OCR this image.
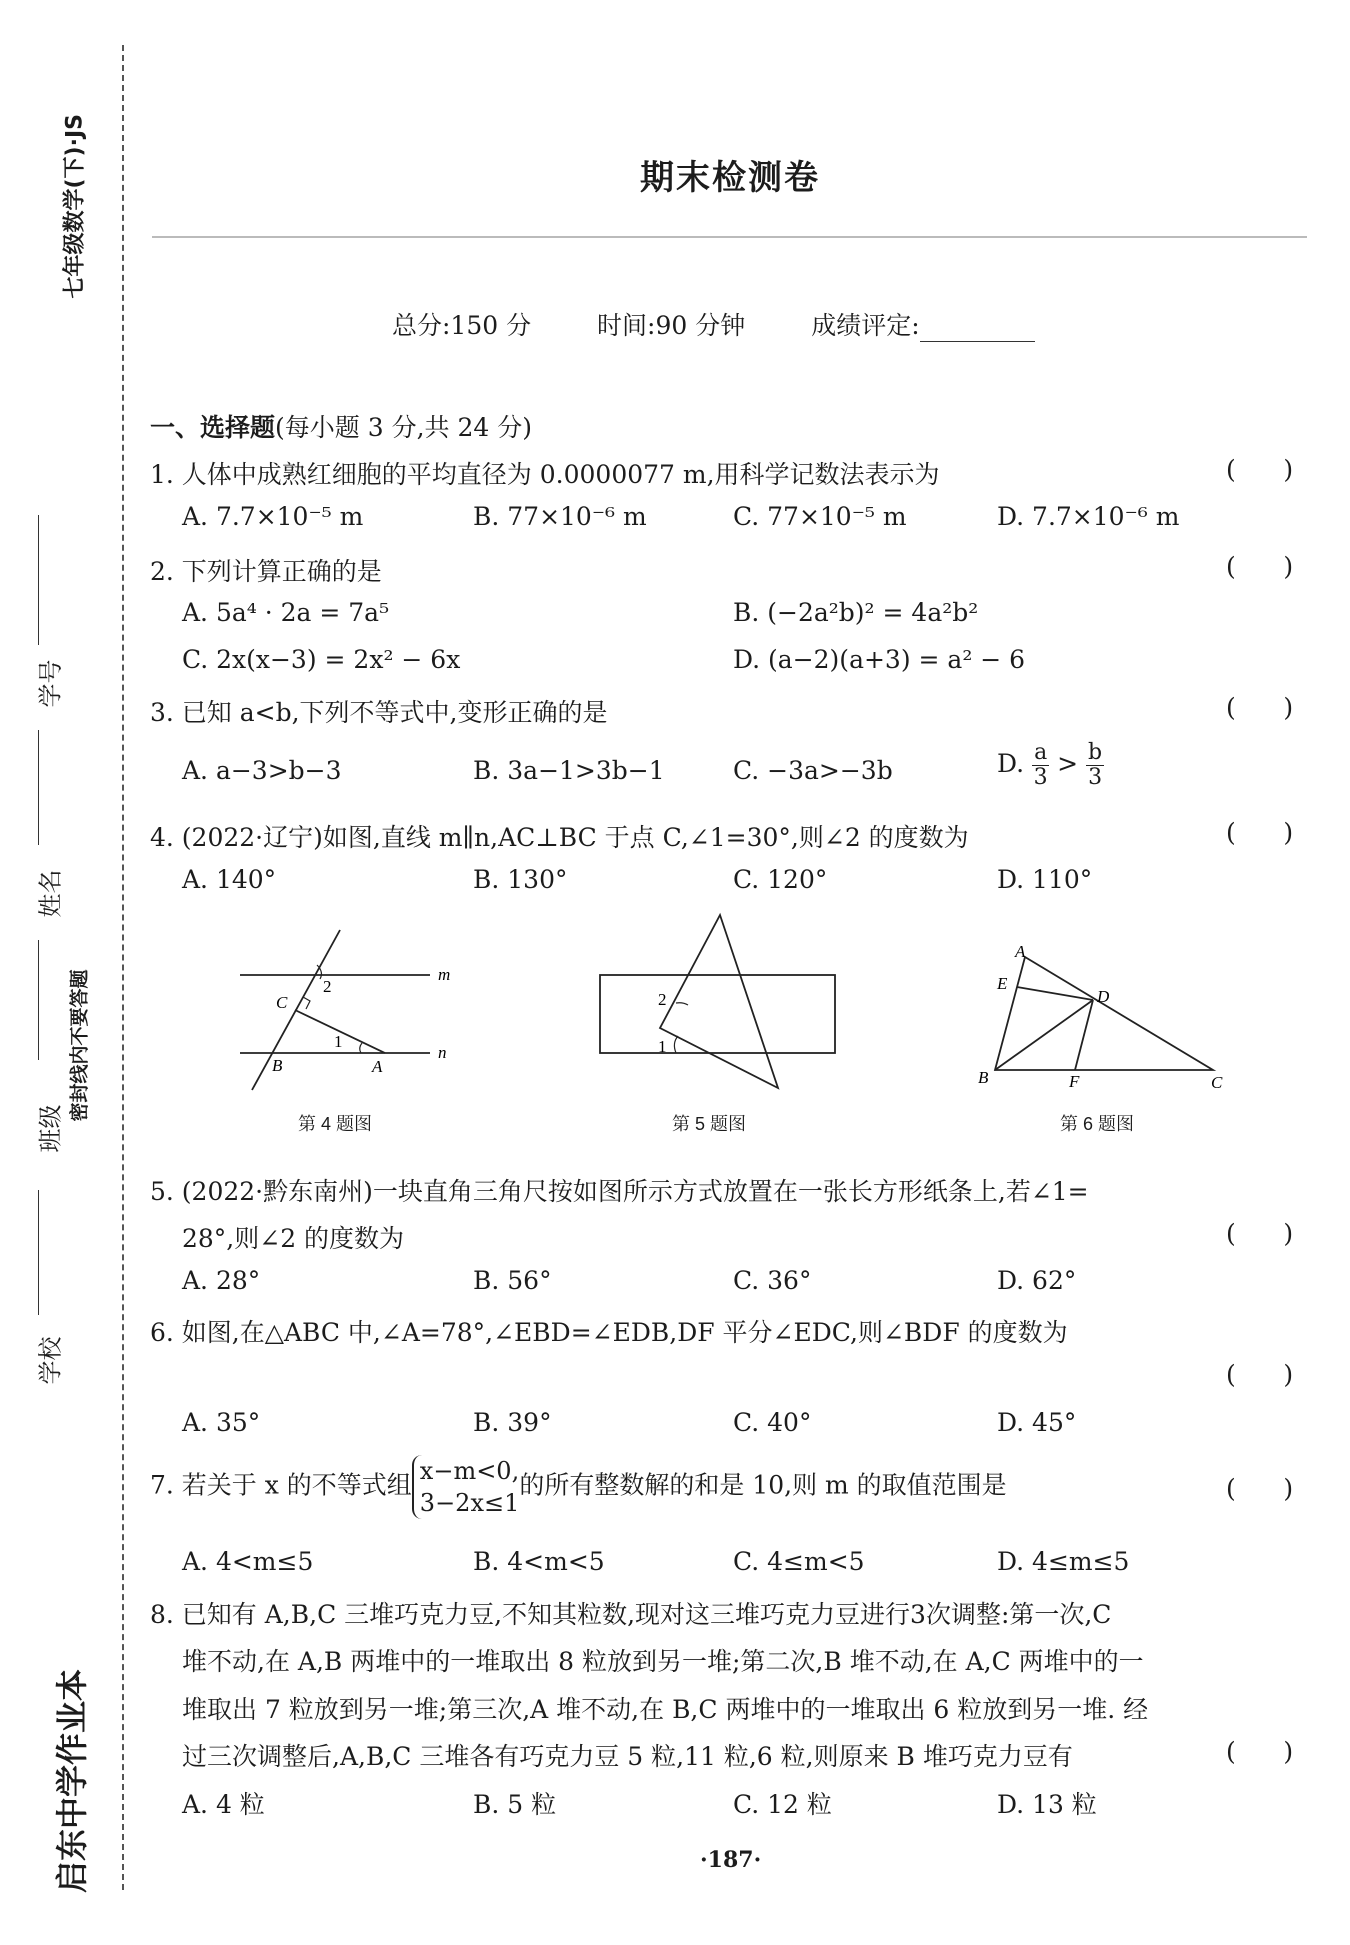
七年级数学(下)·JS
学号
姓名
密封线内不要答题
班级
学校
启东中学作业本
期末检测卷
总分:150 分	时间:90 分钟	成绩评定:
一、选择题(每小题 3 分,共 24 分)
1. 人体中成熟红细胞的平均直径为 0.0000077 m,用科学记数法表示为	(      )
A. 7.7×10⁻⁵ m	B. 77×10⁻⁶ m	C. 77×10⁻⁵ m	D. 7.7×10⁻⁶ m
2. 下列计算正确的是	(      )
A. 5a⁴ · 2a = 7a⁵	B. (−2a²b)² = 4a²b²
C. 2x(x−3) = 2x² − 6x	D. (a−2)(a+3) = a² − 6
3. 已知 a<b,下列不等式中,变形正确的是	(      )
A. a−3>b−3	B. 3a−1>3b−1	C. −3a>−3b	D. $\frac{a}{3} > \frac{b}{3}$
4. (2022·辽宁)如图,直线 m∥n,AC⊥BC 于点 C,∠1=30°,则∠2 的度数为	(      )
A. 140°	B. 130°	C. 120°	D. 110°
m
n
C
B	A
1
2
第 4 题图
1
2
第 5 题图
A
E
D
B	F	C
第 6 题图
5. (2022·黔东南州)一块直角三角尺按如图所示方式放置在一张长方形纸条上,若∠1=
28°,则∠2 的度数为	(      )
A. 28°	B. 56°	C. 36°	D. 62°
6. 如图,在△ABC 中,∠A=78°,∠EBD=∠EDB,DF 平分∠EDC,则∠BDF 的度数为
(      )
A. 35°	B. 39°	C. 40°	D. 45°
7. 若关于 x 的不等式组 x−m<0,
3−2x≤1
的所有整数解的和是 10,则 m 的取值范围是	(      )
A. 4<m≤5	B. 4<m<5	C. 4≤m<5	D. 4≤m≤5
8. 已知有 A,B,C 三堆巧克力豆,不知其粒数,现对这三堆巧克力豆进行3次调整:第一次,C
堆不动,在 A,B 两堆中的一堆取出 8 粒放到另一堆;第二次,B 堆不动,在 A,C 两堆中的一
堆取出 7 粒放到另一堆;第三次,A 堆不动,在 B,C 两堆中的一堆取出 6 粒放到另一堆. 经
过三次调整后,A,B,C 三堆各有巧克力豆 5 粒,11 粒,6 粒,则原来 B 堆巧克力豆有	(      )
A. 4 粒	B. 5 粒	C. 12 粒	D. 13 粒
·187·
